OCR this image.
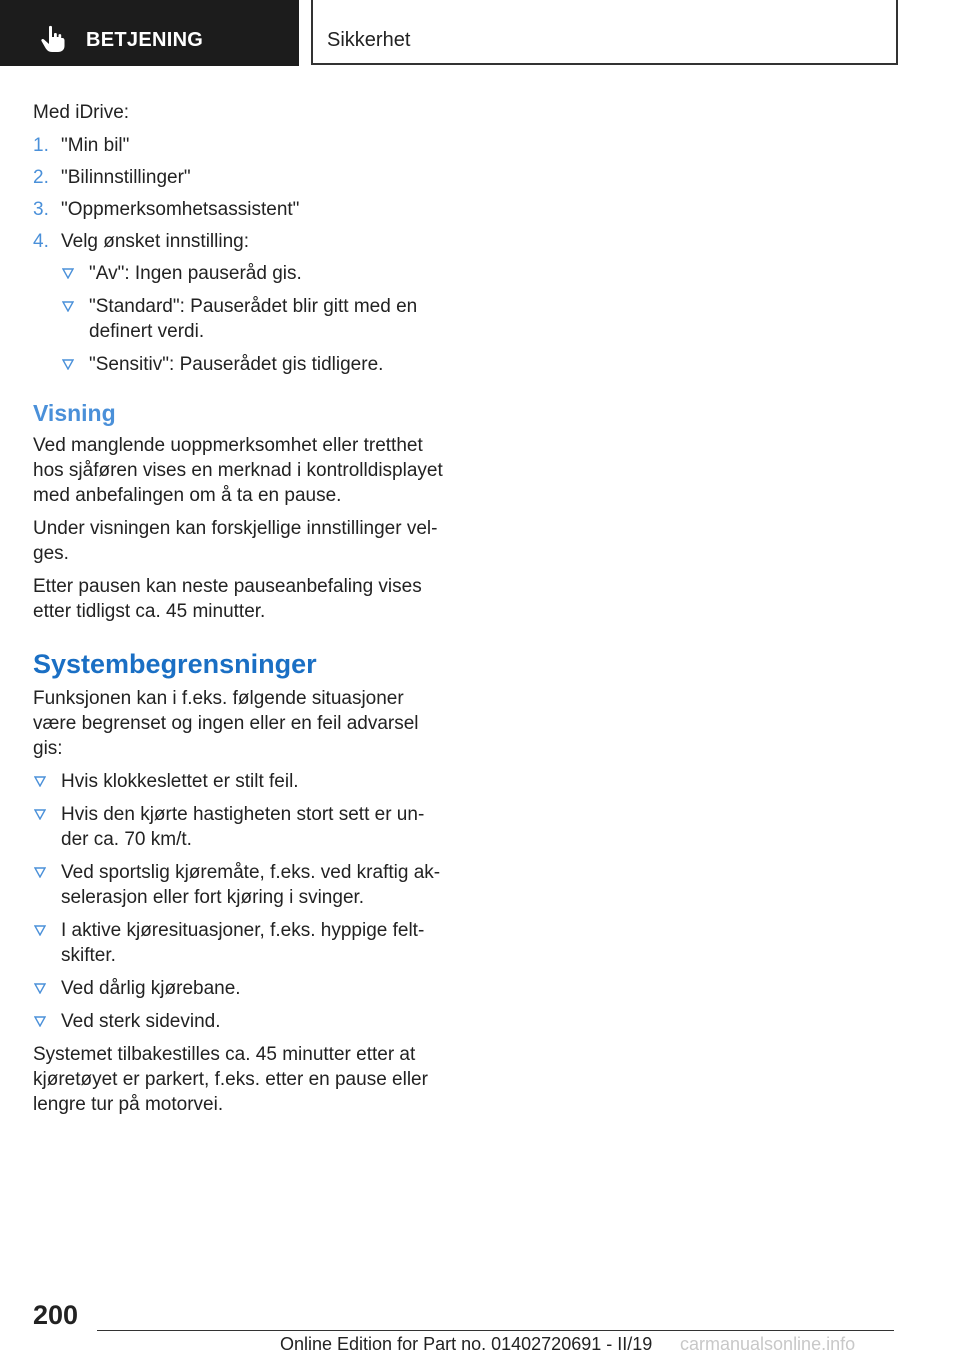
BETJENING	Sikkerhet

Med iDrive:

1. "Min bil"
2. "Bilinnstillinger"
3. "Oppmerksomhetsassistent"
4. Velg ønsket innstilling:
"Av": Ingen pauseråd gis.
"Standard": Pauserådet blir gitt med en definert verdi.
"Sensitiv": Pauserådet gis tidligere.
Visning

Ved manglende uoppmerksomhet eller tretthet hos sjåføren vises en merknad i kontrolldisplayet med anbefalingen om å ta en pause.

Under visningen kan forskjellige innstillinger velges.

Etter pausen kan neste pauseanbefaling vises etter tidligst ca. 45 minutter.

Systembegrensninger

Funksjonen kan i f.eks. følgende situasjoner være begrenset og ingen eller en feil advarsel gis:

Hvis klokkeslettet er stilt feil.
Hvis den kjørte hastigheten stort sett er under ca. 70 km/t.
Ved sportslig kjøremåte, f.eks. ved kraftig akselerasjon eller fort kjøring i svinger.
I aktive kjøresituasjoner, f.eks. hyppige feltskifter.
Ved dårlig kjørebane.
Ved sterk sidevind.

Systemet tilbakestilles ca. 45 minutter etter at kjøretøyet er parkert, f.eks. etter en pause eller lengre tur på motorvei.

200
Online Edition for Part no. 01402720691 - II/19 carmanualsonline.info
